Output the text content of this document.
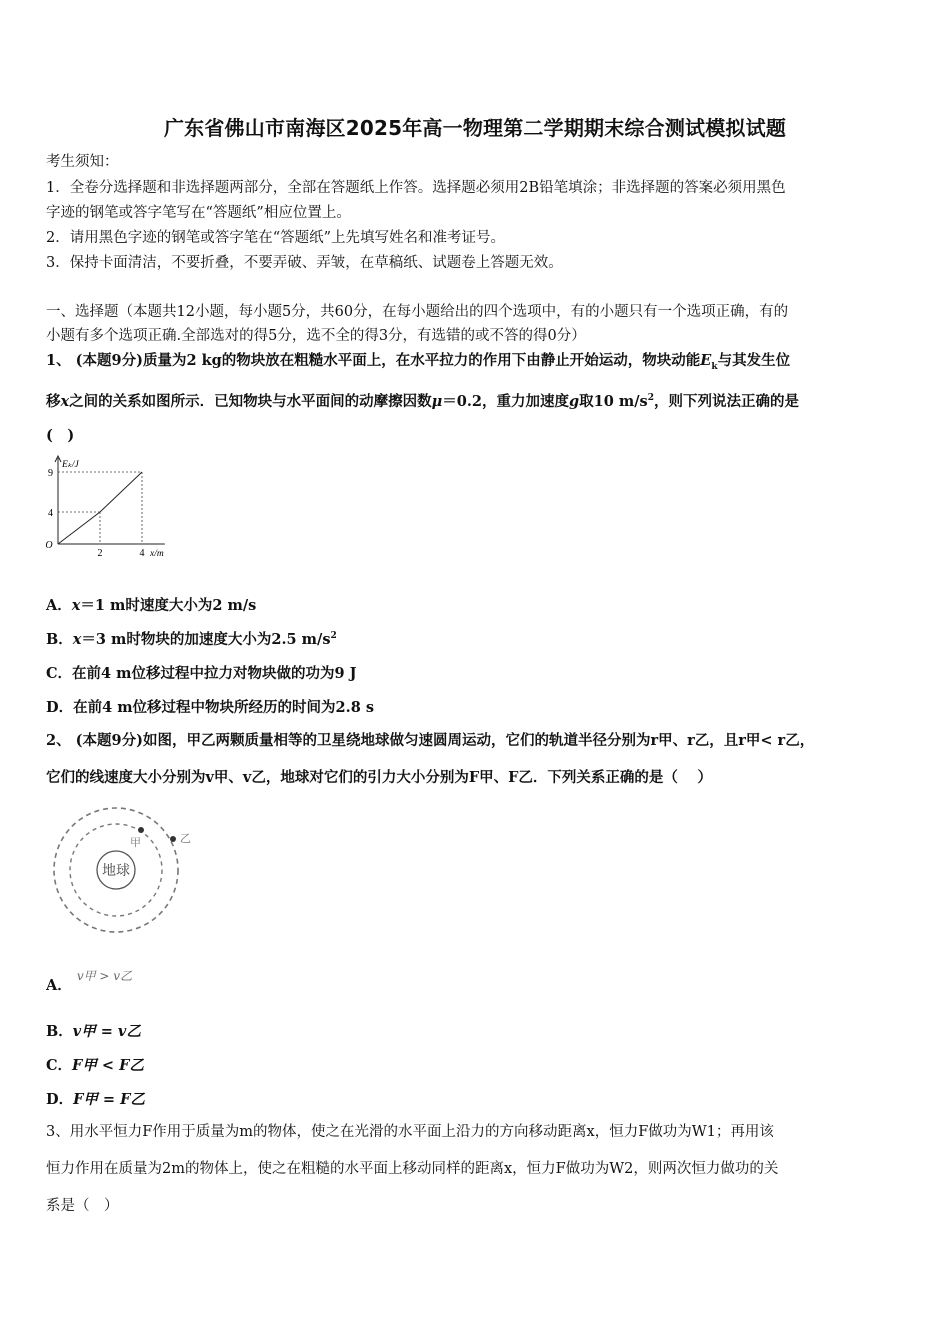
广东省佛山市南海区2025年高一物理第二学期期末综合测试模拟试题
考生须知：
1．全卷分选择题和非选择题两部分，全部在答题纸上作答。选择题必须用2B铅笔填涂；非选择题的答案必须用黑色
字迹的钢笔或答字笔写在“答题纸”相应位置上。
2．请用黑色字迹的钢笔或答字笔在“答题纸”上先填写姓名和准考证号。
3．保持卡面清洁，不要折叠，不要弄破、弄皱，在草稿纸、试题卷上答题无效。
一、选择题（本题共12小题，每小题5分，共60分，在每小题给出的四个选项中，有的小题只有一个选项正确，有的
小题有多个选项正确.全部选对的得5分，选不全的得3分，有选错的或不答的得0分）
1、 (本题9分)质量为2 kg的物块放在粗糙水平面上，在水平拉力的作用下由静止开始运动，物块动能$E_k$与其发生位
移x之间的关系如图所示．已知物块与水平面间的动摩擦因数μ＝0.2，重力加速度g取10 $m/s^2$，则下列说法正确的是
(　)
O
2	4
4
9
Eₖ/J
x/m
A．x＝1 m时速度大小为2 m/s
B．x＝3 m时物块的加速度大小为2.5 $m/s^2$
C．在前4 m位移过程中拉力对物块做的功为9 J
D．在前4 m位移过程中物块所经历的时间为2.8 s
2、 (本题9分)如图，甲乙两颗质量相等的卫星绕地球做匀速圆周运动，它们的轨道半径分别为r甲、r乙，且r甲< r乙，
它们的线速度大小分别为v甲、v乙，地球对它们的引力大小分别为F甲、F乙．下列关系正确的是（　 ）
地球
甲	乙
A． $^{v甲 > v乙}$
B．v甲 = v乙
C．F甲 < F乙
D．F甲 = F乙
3、用水平恒力F作用于质量为m的物体，使之在光滑的水平面上沿力的方向移动距离x，恒力F做功为W1；再用该
恒力作用在质量为2m的物体上，使之在粗糙的水平面上移动同样的距离x，恒力F做功为W2，则两次恒力做功的关
系是（　）
